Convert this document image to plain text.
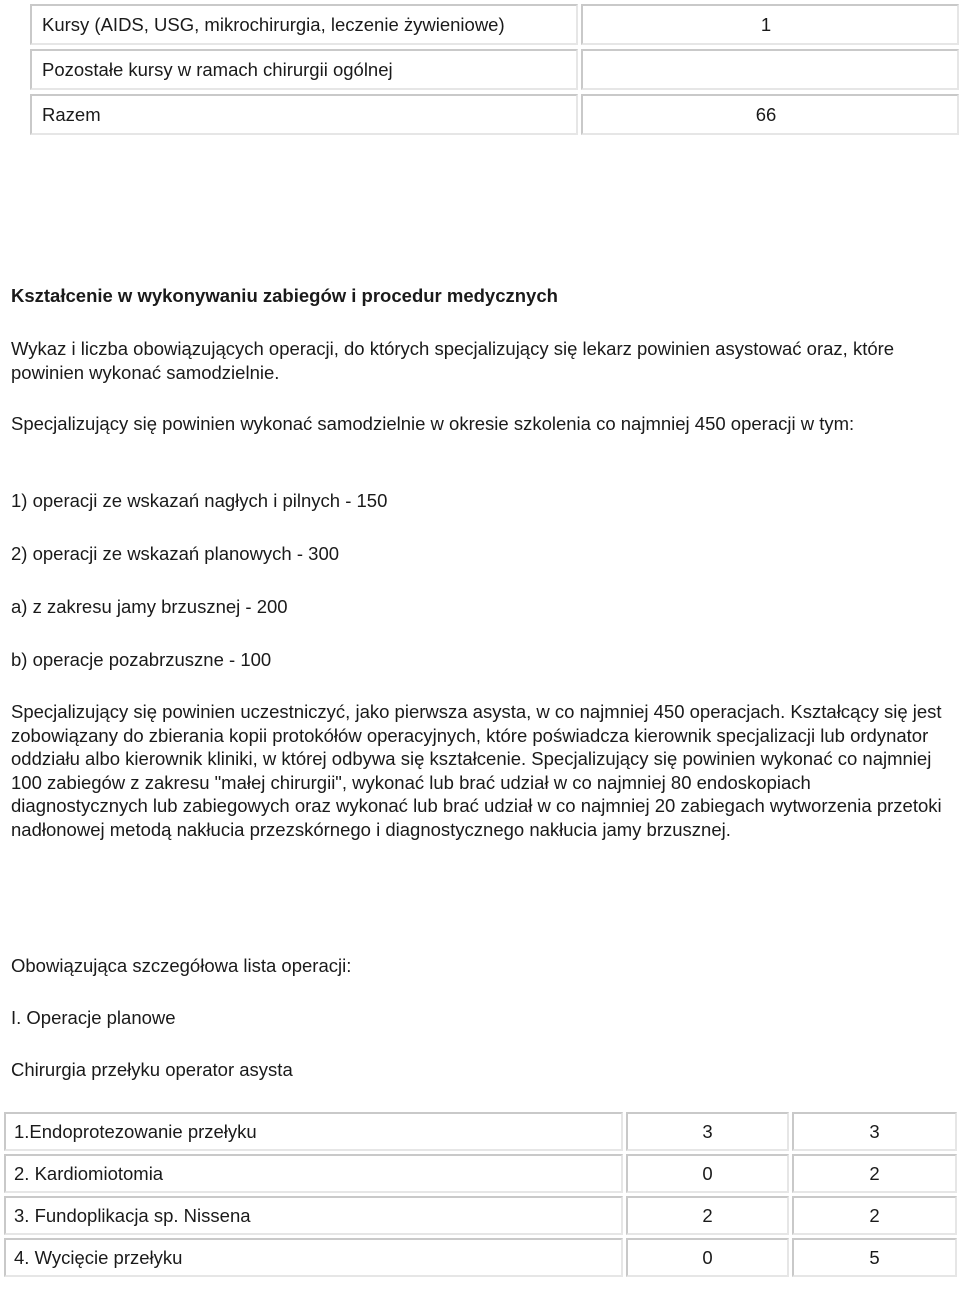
Kursy (AIDS, USG, mikrochirurgia, leczenie żywieniowe)	1
Pozostałe kursy w ramach chirurgii ogólnej
Razem	66

Kształcenie w wykonywaniu zabiegów i procedur medycznych

Wykaz i liczba obowiązujących operacji, do których specjalizujący się lekarz powinien asystować oraz, które powinien wykonać samodzielnie.

Specjalizujący się powinien wykonać samodzielnie w okresie szkolenia co najmniej 450 operacji w tym:

1) operacji ze wskazań nagłych i pilnych - 150

2) operacji ze wskazań planowych - 300

a) z zakresu jamy brzusznej - 200

b) operacje pozabrzuszne - 100

Specjalizujący się powinien uczestniczyć, jako pierwsza asysta, w co najmniej 450 operacjach. Kształcący się jest zobowiązany do zbierania kopii protokółów operacyjnych, które poświadcza kierownik specjalizacji lub ordynator oddziału albo kierownik kliniki, w której odbywa się kształcenie. Specjalizujący się powinien wykonać co najmniej 100 zabiegów z zakresu "małej chirurgii", wykonać lub brać udział w co najmniej 80 endoskopiach diagnostycznych lub zabiegowych oraz wykonać lub brać udział w co najmniej 20 zabiegach wytworzenia przetoki nadłonowej metodą nakłucia przezskórnego i diagnostycznego nakłucia jamy brzusznej.

Obowiązująca szczegółowa lista operacji:

I. Operacje planowe

Chirurgia przełyku operator asysta

1.Endoprotezowanie przełyku	3	3
2. Kardiomiotomia	0	2
3. Fundoplikacja sp. Nissena	2	2
4. Wycięcie przełyku	0	5
